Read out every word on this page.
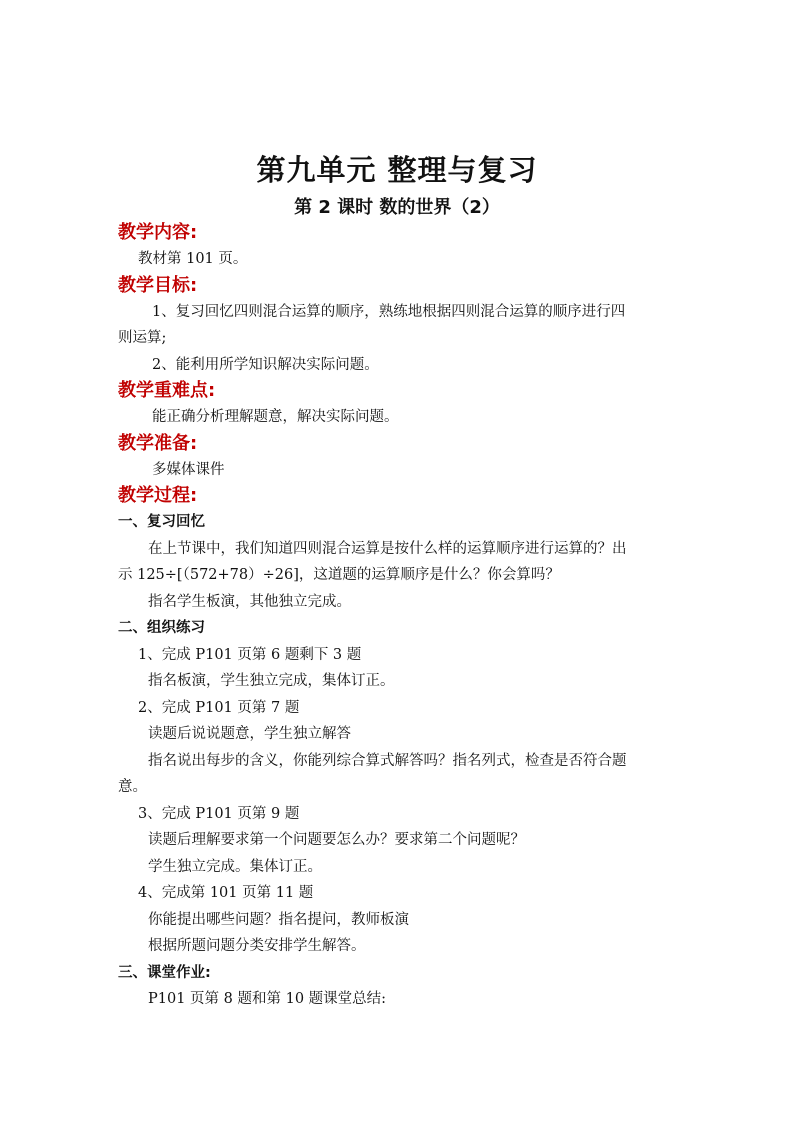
第九单元 整理与复习
第 2 课时 数的世界（2）
教学内容:
教材第 101 页。
教学目标:
1、复习回忆四则混合运算的顺序，熟练地根据四则混合运算的顺序进行四
则运算;
2、能利用所学知识解决实际问题。
教学重难点:
能正确分析理解题意，解决实际问题。
教学准备:
多媒体课件
教学过程:
一、复习回忆
在上节课中，我们知道四则混合运算是按什么样的运算顺序进行运算的？出
示 125÷[（572+78）÷26]，这道题的运算顺序是什么？你会算吗？
指名学生板演，其他独立完成。
二、组织练习
1、完成 P101 页第 6 题剩下 3 题
指名板演，学生独立完成，集体订正。
2、完成 P101 页第 7 题
读题后说说题意，学生独立解答
指名说出每步的含义，你能列综合算式解答吗？指名列式，检查是否符合题
意。
3、完成 P101 页第 9 题
读题后理解要求第一个问题要怎么办？要求第二个问题呢？
学生独立完成。集体订正。
4、完成第 101 页第 11 题
你能提出哪些问题？指名提问，教师板演
根据所题问题分类安排学生解答。
三、课堂作业:
P101 页第 8 题和第 10 题课堂总结:
